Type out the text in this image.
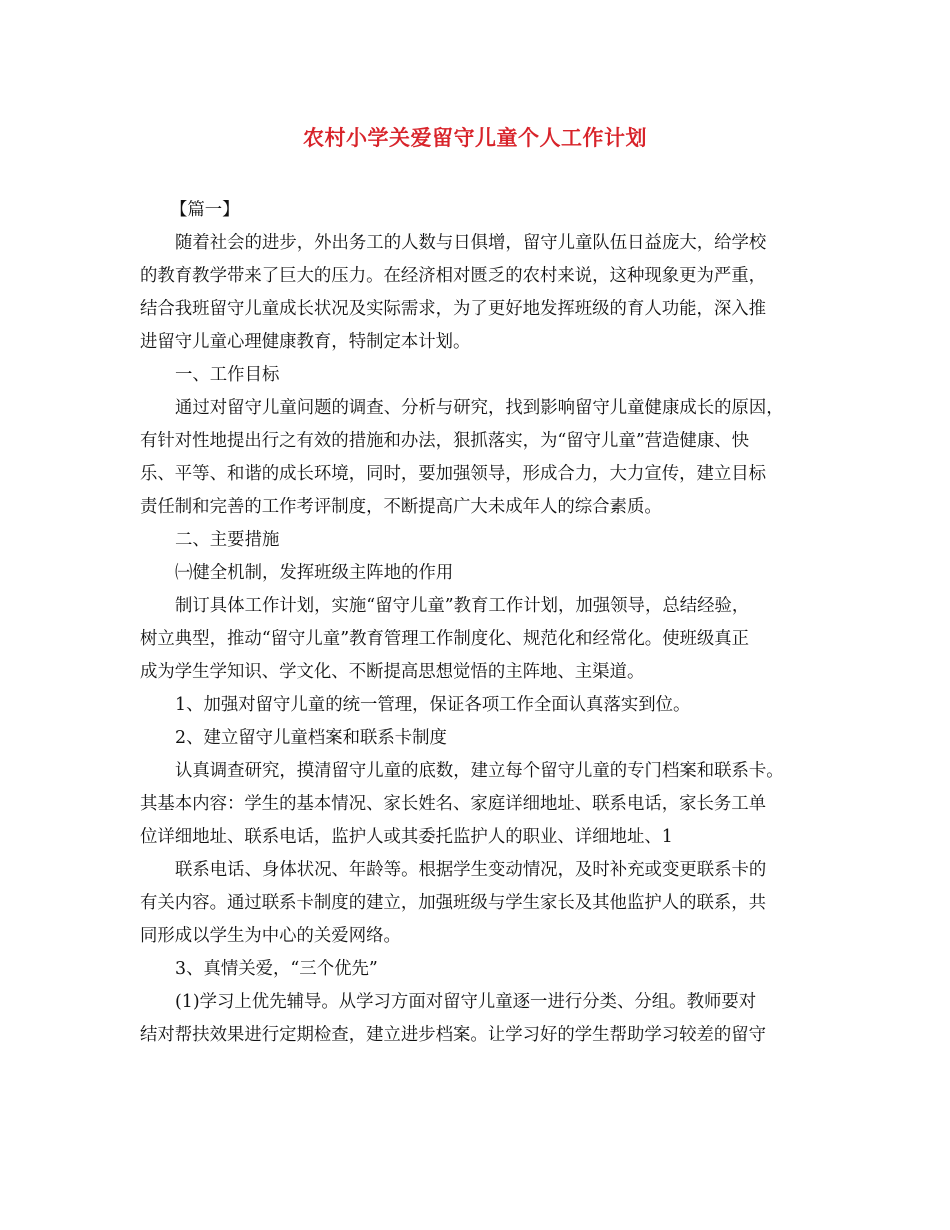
农村小学关爱留守儿童个人工作计划
【篇一】
随着社会的进步，外出务工的人数与日俱增，留守儿童队伍日益庞大，给学校
的教育教学带来了巨大的压力。在经济相对匮乏的农村来说，这种现象更为严重，
结合我班留守儿童成长状况及实际需求，为了更好地发挥班级的育人功能，深入推
进留守儿童心理健康教育，特制定本计划。
一、工作目标
通过对留守儿童问题的调查、分析与研究，找到影响留守儿童健康成长的原因，
有针对性地提出行之有效的措施和办法，狠抓落实，为“留守儿童”营造健康、快
乐、平等、和谐的成长环境，同时，要加强领导，形成合力，大力宣传，建立目标
责任制和完善的工作考评制度，不断提高广大未成年人的综合素质。
二、主要措施
㈠健全机制，发挥班级主阵地的作用
制订具体工作计划，实施“留守儿童”教育工作计划，加强领导，总结经验，
树立典型，推动“留守儿童”教育管理工作制度化、规范化和经常化。使班级真正
成为学生学知识、学文化、不断提高思想觉悟的主阵地、主渠道。
1、加强对留守儿童的统一管理，保证各项工作全面认真落实到位。
2、建立留守儿童档案和联系卡制度
认真调查研究，摸清留守儿童的底数，建立每个留守儿童的专门档案和联系卡。
其基本内容：学生的基本情况、家长姓名、家庭详细地址、联系电话，家长务工单
位详细地址、联系电话，监护人或其委托监护人的职业、详细地址、1
联系电话、身体状况、年龄等。根据学生变动情况，及时补充或变更联系卡的
有关内容。通过联系卡制度的建立，加强班级与学生家长及其他监护人的联系，共
同形成以学生为中心的关爱网络。
3、真情关爱，“三个优先”
(1)学习上优先辅导。从学习方面对留守儿童逐一进行分类、分组。教师要对
结对帮扶效果进行定期检查，建立进步档案。让学习好的学生帮助学习较差的留守
